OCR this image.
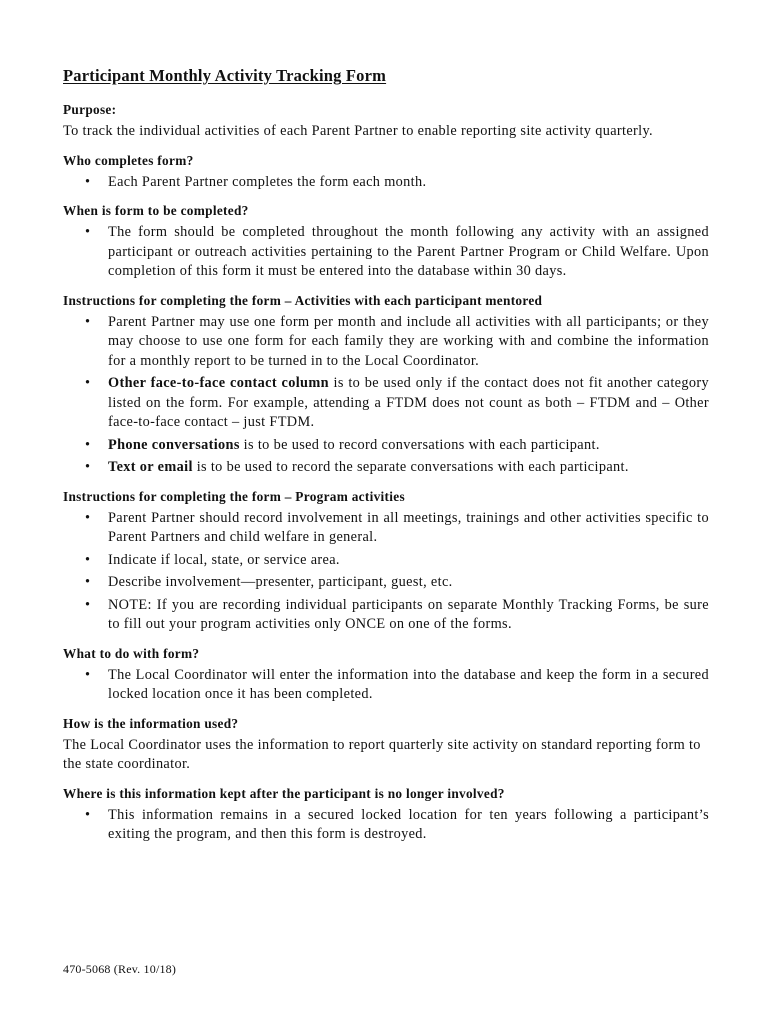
Participant Monthly Activity Tracking Form
Purpose:

To track the individual activities of each Parent Partner to enable reporting site activity quarterly.

Who completes form?
• Each Parent Partner completes the form each month.
When is form to be completed?
• The form should be completed throughout the month following any activity with an assigned participant or outreach activities pertaining to the Parent Partner Program or Child Welfare. Upon completion of this form it must be entered into the database within 30 days.
Instructions for completing the form – Activities with each participant mentored
• Parent Partner may use one form per month and include all activities with all participants; or they may choose to use one form for each family they are working with and combine the information for a monthly report to be turned in to the Local Coordinator.
• Other face-to-face contact column is to be used only if the contact does not fit another category listed on the form. For example, attending a FTDM does not count as both – FTDM and – Other face-to-face contact – just FTDM.
• Phone conversations is to be used to record conversations with each participant.
• Text or email is to be used to record the separate conversations with each participant.
Instructions for completing the form – Program activities
• Parent Partner should record involvement in all meetings, trainings and other activities specific to Parent Partners and child welfare in general.
• Indicate if local, state, or service area.
• Describe involvement—presenter, participant, guest, etc.
• NOTE: If you are recording individual participants on separate Monthly Tracking Forms, be sure to fill out your program activities only ONCE on one of the forms.
What to do with form?
• The Local Coordinator will enter the information into the database and keep the form in a secured locked location once it has been completed.
How is the information used?

The Local Coordinator uses the information to report quarterly site activity on standard reporting form to the state coordinator.

Where is this information kept after the participant is no longer involved?
• This information remains in a secured locked location for ten years following a participant’s exiting the program, and then this form is destroyed.
470-5068 (Rev. 10/18)
